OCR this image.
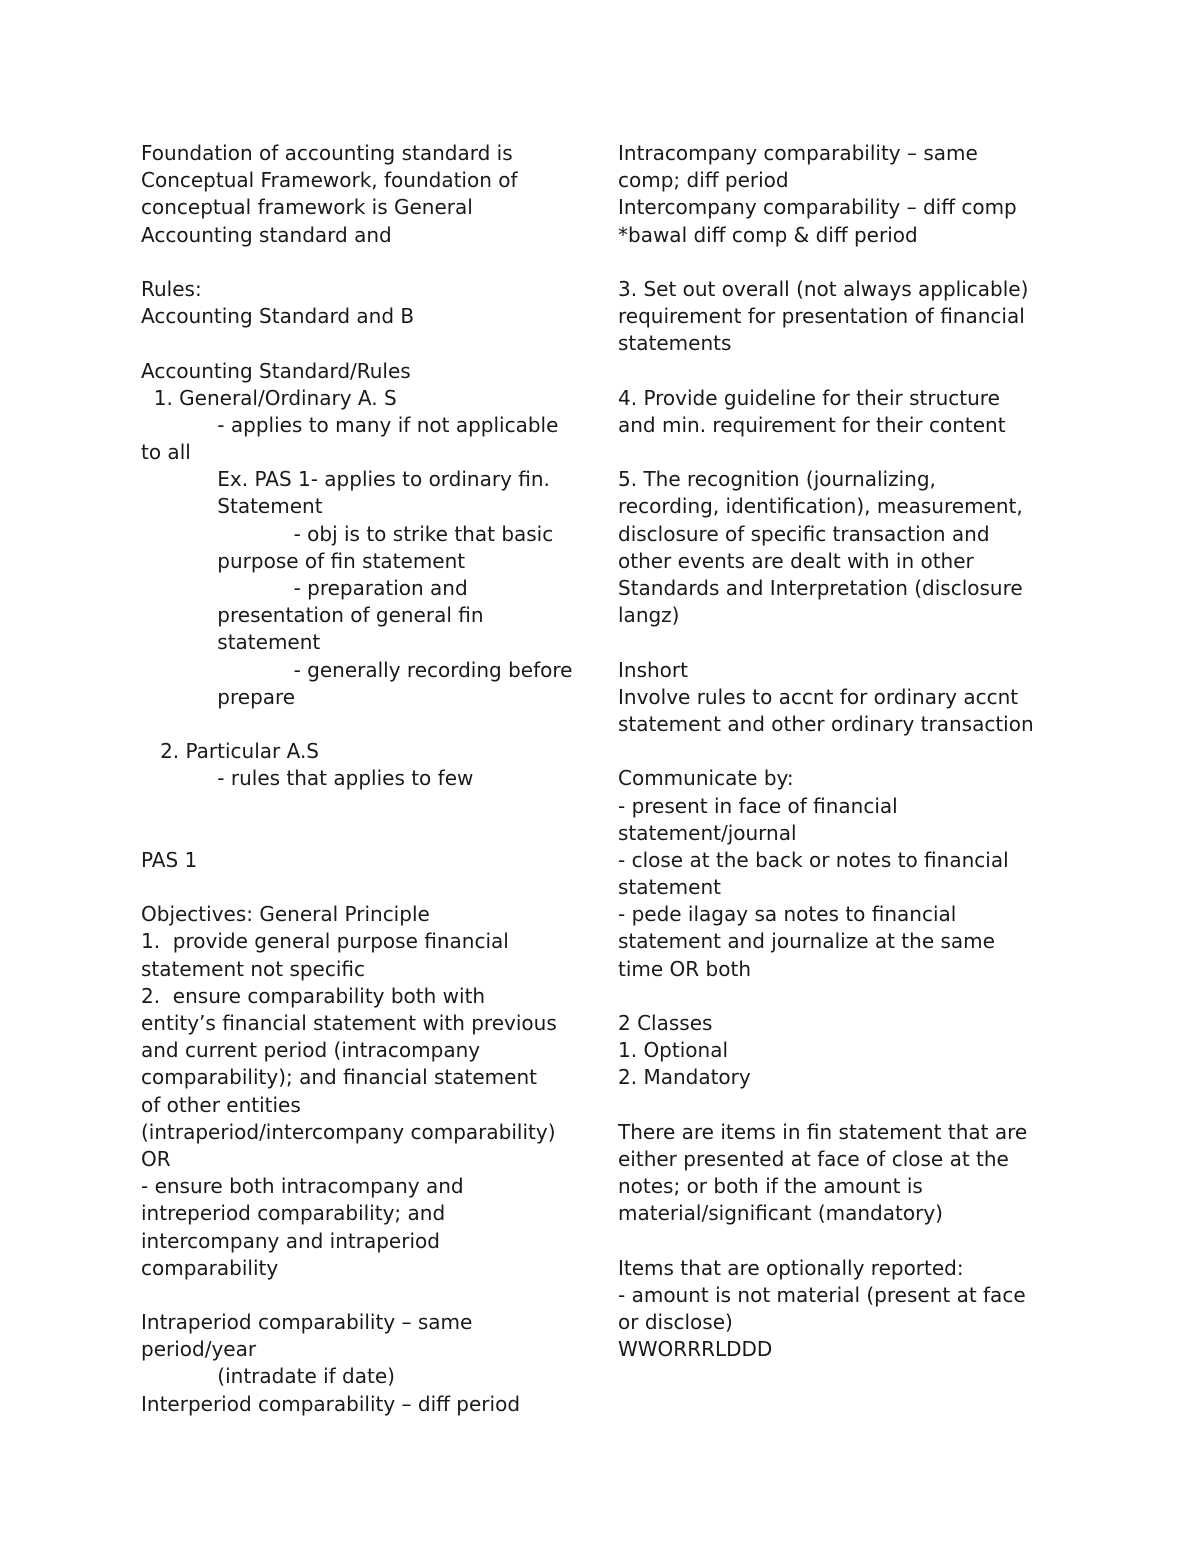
Foundation of accounting standard is
Conceptual Framework, foundation of
conceptual framework is General
Accounting standard and
Rules:
Accounting Standard and B
Accounting Standard/Rules
1. General/Ordinary A. S
- applies to many if not applicable
to all
Ex. PAS 1- applies to ordinary fin.
Statement
- obj is to strike that basic
purpose of fin statement
- preparation and
presentation of general fin
statement
- generally recording before
prepare
2. Particular A.S
- rules that applies to few
PAS 1
Objectives: General Principle
1.  provide general purpose financial
statement not specific
2.  ensure comparability both with
entity’s financial statement with previous
and current period (intracompany
comparability); and financial statement
of other entities
(intraperiod/intercompany comparability)
OR
- ensure both intracompany and
intreperiod comparability; and
intercompany and intraperiod
comparability
Intraperiod comparability – same
period/year
(intradate if date)
Interperiod comparability – diff period
Intracompany comparability – same
comp; diff period
Intercompany comparability – diff comp
*bawal diff comp & diff period
3. Set out overall (not always applicable)
requirement for presentation of financial
statements
4. Provide guideline for their structure
and min. requirement for their content
5. The recognition (journalizing,
recording, identification), measurement,
disclosure of specific transaction and
other events are dealt with in other
Standards and Interpretation (disclosure
langz)
Inshort
Involve rules to accnt for ordinary accnt
statement and other ordinary transaction
Communicate by:
- present in face of financial
statement/journal
- close at the back or notes to financial
statement
- pede ilagay sa notes to financial
statement and journalize at the same
time OR both
2 Classes
1. Optional
2. Mandatory
There are items in fin statement that are
either presented at face of close at the
notes; or both if the amount is
material/significant (mandatory)
Items that are optionally reported:
- amount is not material (present at face
or disclose)
WWORRRLDDD
